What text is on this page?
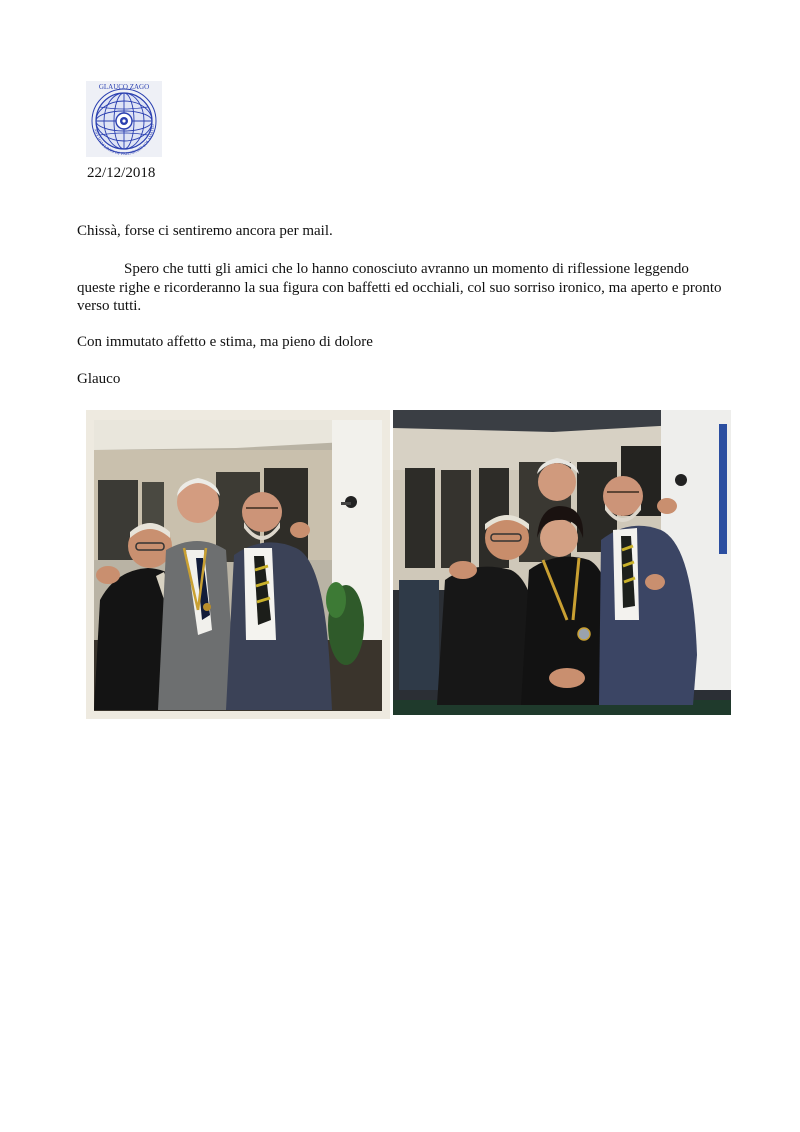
GLAUCO ZAGO
ANY HAM LINES OF FRIENDSHIP SOS AMATEU
22/12/2018

Chissà, forse ci sentiremo ancora per mail.

Spero che tutti gli amici che lo hanno conosciuto avranno un momento di riflessione leggendo queste righe e ricorderanno la sua figura con baffetti ed occhiali, col suo sorriso ironico, ma aperto e pronto verso tutti.

Con immutato affetto e stima, ma pieno di dolore

Glauco
